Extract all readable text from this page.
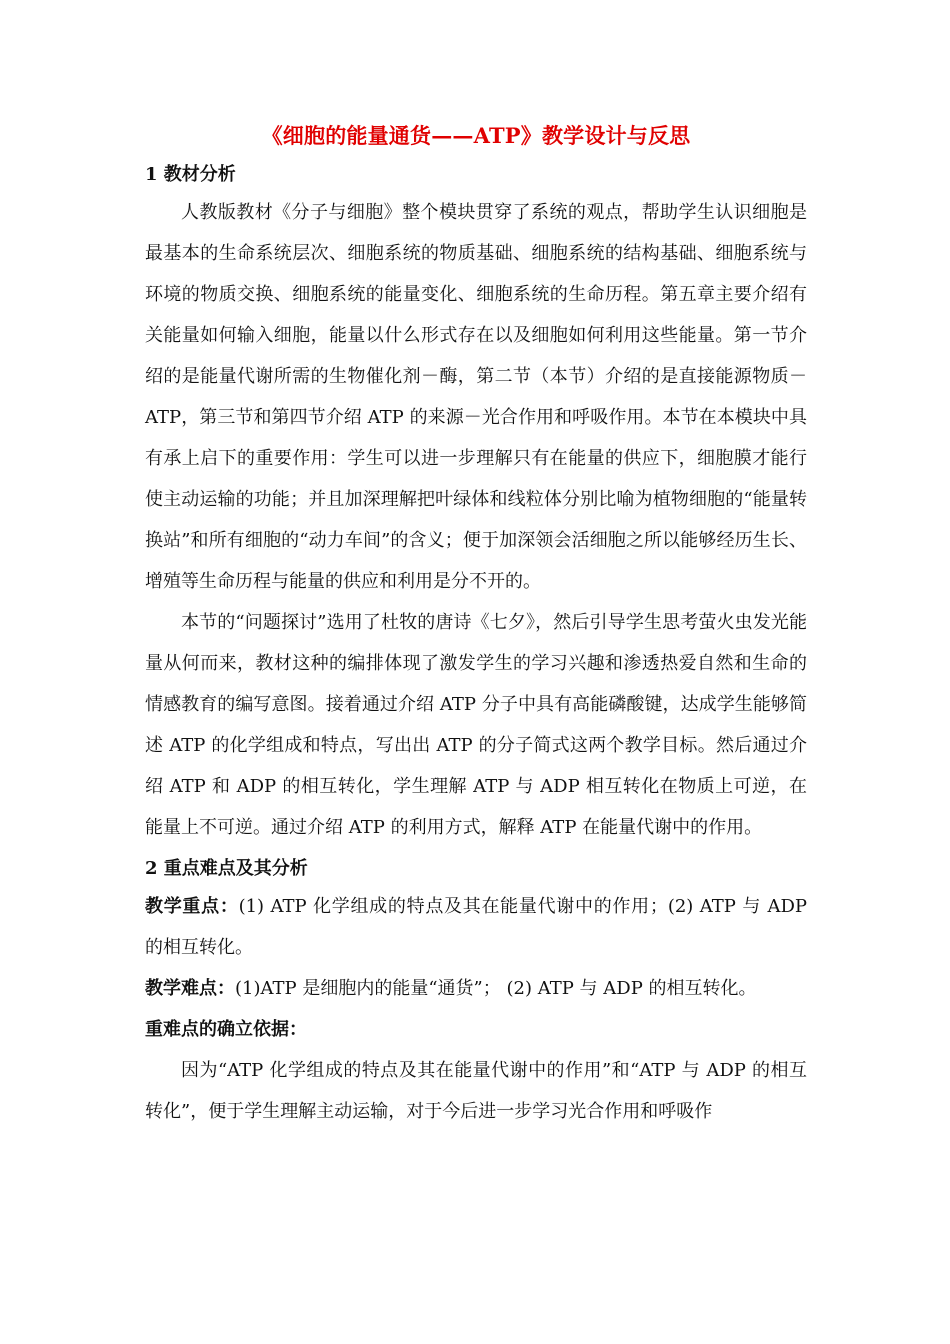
《细胞的能量通货——ATP》教学设计与反思
1 教材分析

人教版教材《分子与细胞》整个模块贯穿了系统的观点，帮助学生认识细胞是最基本的生命系统层次、细胞系统的物质基础、细胞系统的结构基础、细胞系统与环境的物质交换、细胞系统的能量变化、细胞系统的生命历程。第五章主要介绍有关能量如何输入细胞，能量以什么形式存在以及细胞如何利用这些能量。第一节介绍的是能量代谢所需的生物催化剂－酶，第二节（本节）介绍的是直接能源物质－ATP，第三节和第四节介绍 ATP 的来源－光合作用和呼吸作用。本节在本模块中具有承上启下的重要作用：学生可以进一步理解只有在能量的供应下，细胞膜才能行使主动运输的功能；并且加深理解把叶绿体和线粒体分别比喻为植物细胞的“能量转换站”和所有细胞的“动力车间”的含义；便于加深领会活细胞之所以能够经历生长、增殖等生命历程与能量的供应和利用是分不开的。

本节的“问题探讨”选用了杜牧的唐诗《七夕》，然后引导学生思考萤火虫发光能量从何而来，教材这种的编排体现了激发学生的学习兴趣和渗透热爱自然和生命的情感教育的编写意图。接着通过介绍 ATP 分子中具有高能磷酸键，达成学生能够简述 ATP 的化学组成和特点，写出出 ATP 的分子简式这两个教学目标。然后通过介绍 ATP 和 ADP 的相互转化，学生理解 ATP 与 ADP 相互转化在物质上可逆，在能量上不可逆。通过介绍 ATP 的利用方式，解释 ATP 在能量代谢中的作用。

2 重点难点及其分析

教学重点：(1) ATP 化学组成的特点及其在能量代谢中的作用；(2) ATP 与 ADP 的相互转化。

教学难点：(1)ATP 是细胞内的能量“通货”； (2) ATP 与 ADP 的相互转化。

重难点的确立依据：

因为“ATP 化学组成的特点及其在能量代谢中的作用”和“ATP 与 ADP 的相互转化”，便于学生理解主动运输，对于今后进一步学习光合作用和呼吸作
